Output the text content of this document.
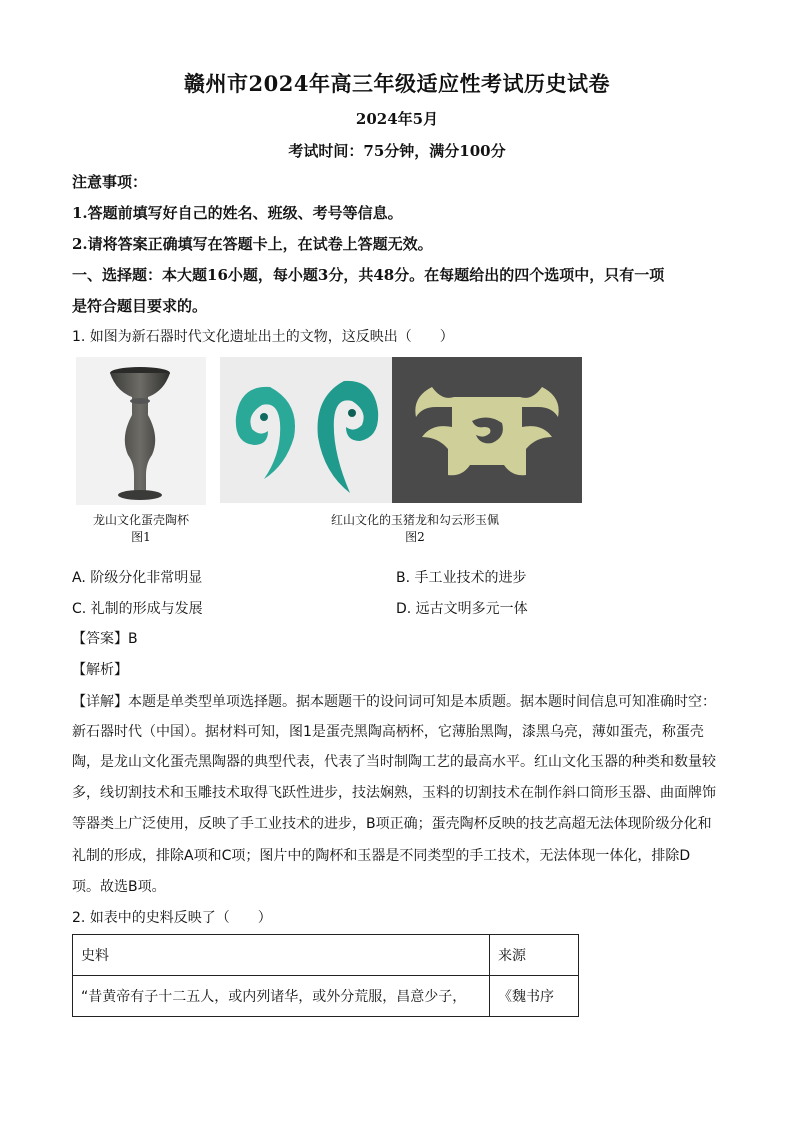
赣州市2024年高三年级适应性考试历史试卷
2024年5月
考试时间：75分钟，满分100分
注意事项：
1.答题前填写好自己的姓名、班级、考号等信息。
2.请将答案正确填写在答题卡上，在试卷上答题无效。
一、选择题：本大题16小题，每小题3分，共48分。在每题给出的四个选项中，只有一项
是符合题目要求的。
1. 如图为新石器时代文化遗址出土的文物，这反映出（　　）
龙山文化蛋壳陶杯
图1
红山文化的玉猪龙和勾云形玉佩
图2
A. 阶级分化非常明显	B. 手工业技术的进步
C. 礼制的形成与发展	D. 远古文明多元一体
【答案】B
【解析】
【详解】本题是单类型单项选择题。据本题题干的设问词可知是本质题。据本题时间信息可知准确时空：
新石器时代（中国）。据材料可知，图1是蛋壳黑陶高柄杯，它薄胎黑陶，漆黑乌亮，薄如蛋壳，称蛋壳
陶，是龙山文化蛋壳黑陶器的典型代表，代表了当时制陶工艺的最高水平。红山文化玉器的种类和数量较
多，线切割技术和玉雕技术取得飞跃性进步，技法娴熟，玉料的切割技术在制作斜口筒形玉器、曲面牌饰
等器类上广泛使用，反映了手工业技术的进步，B项正确；蛋壳陶杯反映的技艺高超无法体现阶级分化和
礼制的形成，排除A项和C项；图片中的陶杯和玉器是不同类型的手工技术，无法体现一体化，排除D
项。故选B项。
2. 如表中的史料反映了（　　）
史料	来源
“昔黄帝有子十二五人，或内列诸华，或外分荒服，昌意少子，	《魏书序
